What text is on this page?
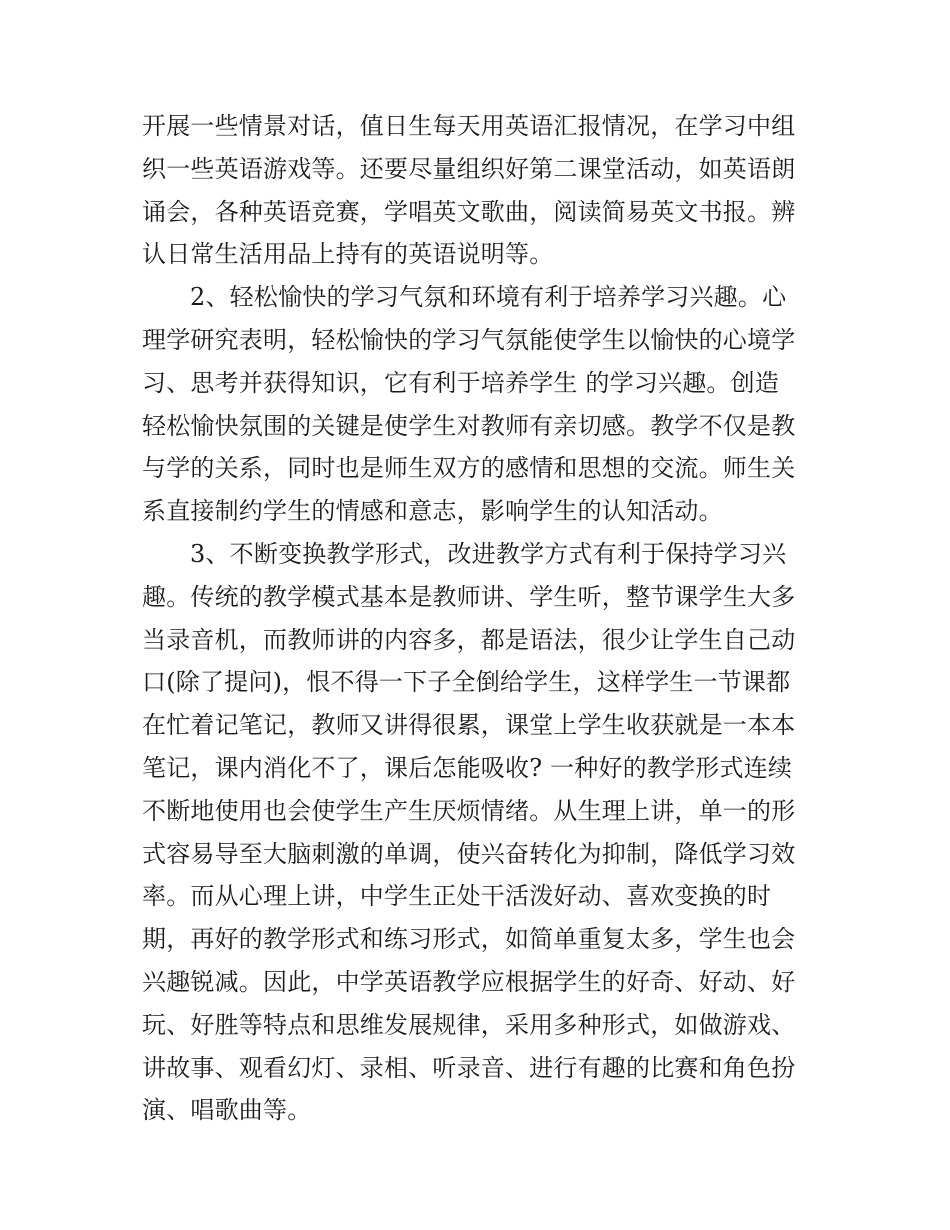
开展一些情景对话，值日生每天用英语汇报情况，在学习中组
织一些英语游戏等。还要尽量组织好第二课堂活动，如英语朗
诵会，各种英语竞赛，学唱英文歌曲，阅读简易英文书报。辨
认日常生活用品上持有的英语说明等。
2、轻松愉快的学习气氛和环境有利于培养学习兴趣。心
理学研究表明，轻松愉快的学习气氛能使学生以愉快的心境学
习、思考并获得知识，它有利于培养学生 的学习兴趣。创造
轻松愉快氛围的关键是使学生对教师有亲切感。教学不仅是教
与学的关系，同时也是师生双方的感情和思想的交流。师生关
系直接制约学生的情感和意志，影响学生的认知活动。
3、不断变换教学形式，改进教学方式有利于保持学习兴
趣。传统的教学模式基本是教师讲、学生听，整节课学生大多
当录音机，而教师讲的内容多，都是语法，很少让学生自己动
口(除了提问)，恨不得一下子全倒给学生，这样学生一节课都
在忙着记笔记，教师又讲得很累，课堂上学生收获就是一本本
笔记，课内消化不了，课后怎能吸收? 一种好的教学形式连续
不断地使用也会使学生产生厌烦情绪。从生理上讲，单一的形
式容易导至大脑刺激的单调，使兴奋转化为抑制，降低学习效
率。而从心理上讲，中学生正处干活泼好动、喜欢变换的时
期，再好的教学形式和练习形式，如简单重复太多，学生也会
兴趣锐减。因此，中学英语教学应根据学生的好奇、好动、好
玩、好胜等特点和思维发展规律，采用多种形式，如做游戏、
讲故事、观看幻灯、录相、听录音、进行有趣的比赛和角色扮
演、唱歌曲等。
